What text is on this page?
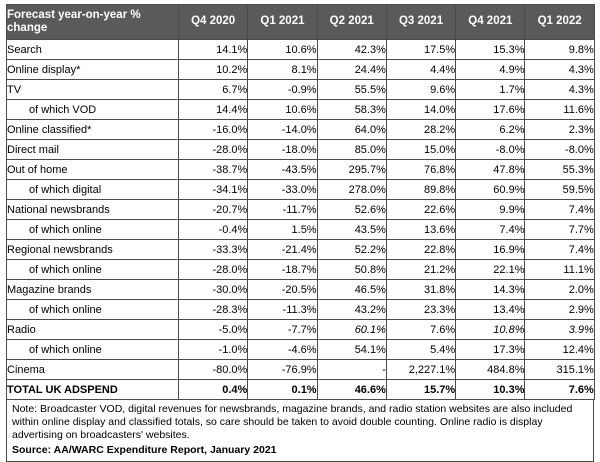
Forecast year-on-year % change	Q4 2020	Q1 2021	Q2 2021	Q3 2021	Q4 2021	Q1 2022
Search	14.1%	10.6%	42.3%	17.5%	15.3%	9.8%
Online display*	10.2%	8.1%	24.4%	4.4%	4.9%	4.3%
TV	6.7%	-0.9%	55.5%	9.6%	1.7%	4.3%
of which VOD	14.4%	10.6%	58.3%	14.0%	17.6%	11.6%
Online classified*	-16.0%	-14.0%	64.0%	28.2%	6.2%	2.3%
Direct mail	-28.0%	-18.0%	85.0%	15.0%	-8.0%	-8.0%
Out of home	-38.7%	-43.5%	295.7%	76.8%	47.8%	55.3%
of which digital	-34.1%	-33.0%	278.0%	89.8%	60.9%	59.5%
National newsbrands	-20.7%	-11.7%	52.6%	22.6%	9.9%	7.4%
of which online	-0.4%	1.5%	43.5%	13.6%	7.4%	7.7%
Regional newsbrands	-33.3%	-21.4%	52.2%	22.8%	16.9%	7.4%
of which online	-28.0%	-18.7%	50.8%	21.2%	22.1%	11.1%
Magazine brands	-30.0%	-20.5%	46.5%	31.8%	14.3%	2.0%
of which online	-28.3%	-11.3%	43.2%	23.3%	13.4%	2.9%
Radio	-5.0%	-7.7%	60.1%	7.6%	10.8%	3.9%
of which online	-1.0%	-4.6%	54.1%	5.4%	17.3%	12.4%
Cinema	-80.0%	-76.9%	-	2,227.1%	484.8%	315.1%
TOTAL UK ADSPEND	0.4%	0.1%	46.6%	15.7%	10.3%	7.6%
Note: Broadcaster VOD, digital revenues for newsbrands, magazine brands, and radio station websites are also included within online display and classified totals, so care should be taken to avoid double counting. Online radio is display advertising on broadcasters' websites.
Source: AA/WARC Expenditure Report, January 2021
